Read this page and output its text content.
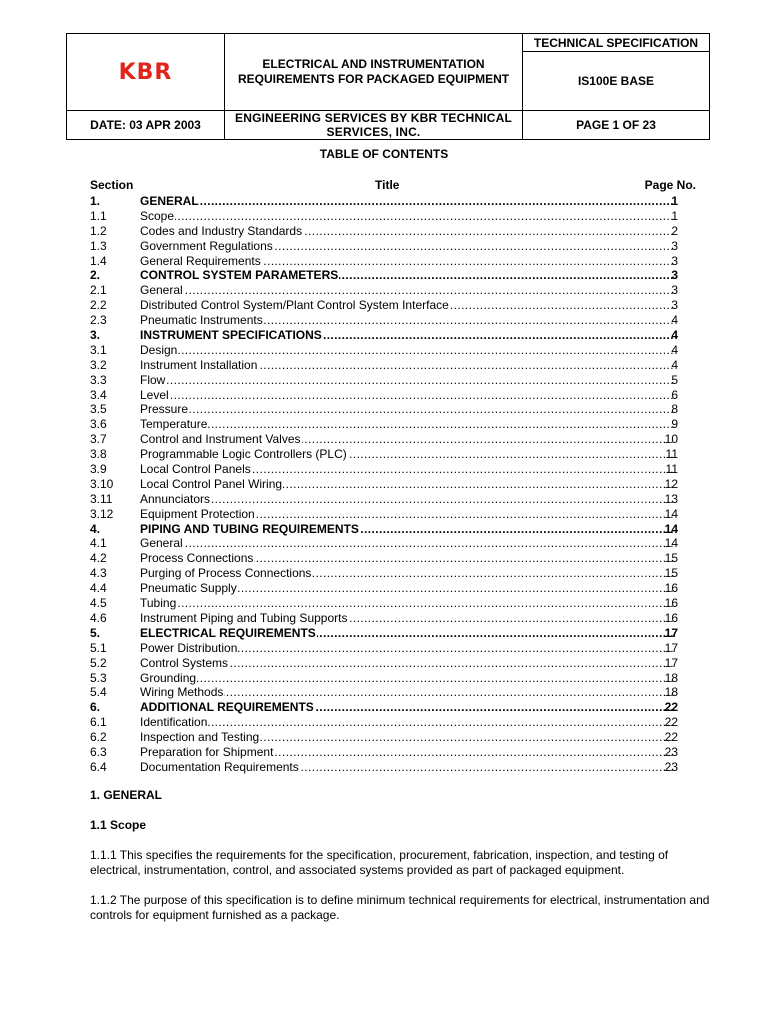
KBR	ELECTRICAL AND INSTRUMENTATION
REQUIREMENTS FOR PACKAGED EQUIPMENT	TECHNICAL SPECIFICATION
		IS100E BASE
DATE: 03 APR 2003	ENGINEERING SERVICES BY KBR TECHNICAL SERVICES, INC.	PAGE 1 OF 23
TABLE OF CONTENTS
Section	Title	Page No.
1.	GENERAL .....	1
1.1	Scope .....	1
1.2	Codes and Industry Standards .....	2
1.3	Government Regulations .....	3
1.4	General Requirements .....	3
2.	CONTROL SYSTEM PARAMETERS .....	3
2.1	General .....	3
2.2	Distributed Control System/Plant Control System Interface .....	3
2.3	Pneumatic Instruments .....	4
3.	INSTRUMENT SPECIFICATIONS .....	4
3.1	Design .....	4
3.2	Instrument Installation .....	4
3.3	Flow .....	5
3.4	Level .....	6
3.5	Pressure .....	8
3.6	Temperature .....	9
3.7	Control and Instrument Valves .....	10
3.8	Programmable Logic Controllers (PLC) .....	11
3.9	Local Control Panels .....	11
3.10 Local Control Panel Wiring .....	12
3.11 Annunciators .....	13
3.12 Equipment Protection .....	14
4.	PIPING AND TUBING REQUIREMENTS .....	14
4.1	General .....	14
4.2	Process Connections .....	15
4.3	Purging of Process Connections .....	15
4.4	Pneumatic Supply .....	16
4.5	Tubing .....	16
4.6	Instrument Piping and Tubing Supports .....	16
5.	ELECTRICAL REQUIREMENTS .....	17
5.1	Power Distribution .....	17
5.2	Control Systems .....	17
5.3	Grounding .....	18
5.4	Wiring Methods .....	18
6.	ADDITIONAL REQUIREMENTS .....	22
6.1	Identification .....	22
6.2	Inspection and Testing .....	22
6.3	Preparation for Shipment .....	23
6.4	Documentation Requirements .....	23
1. GENERAL
1.1 Scope
1.1.1 This specifies the requirements for the specification, procurement, fabrication, inspection, and testing of electrical, instrumentation, control, and associated systems provided as part of packaged equipment.
1.1.2 The purpose of this specification is to define minimum technical requirements for electrical, instrumentation and controls for equipment furnished as a package.
